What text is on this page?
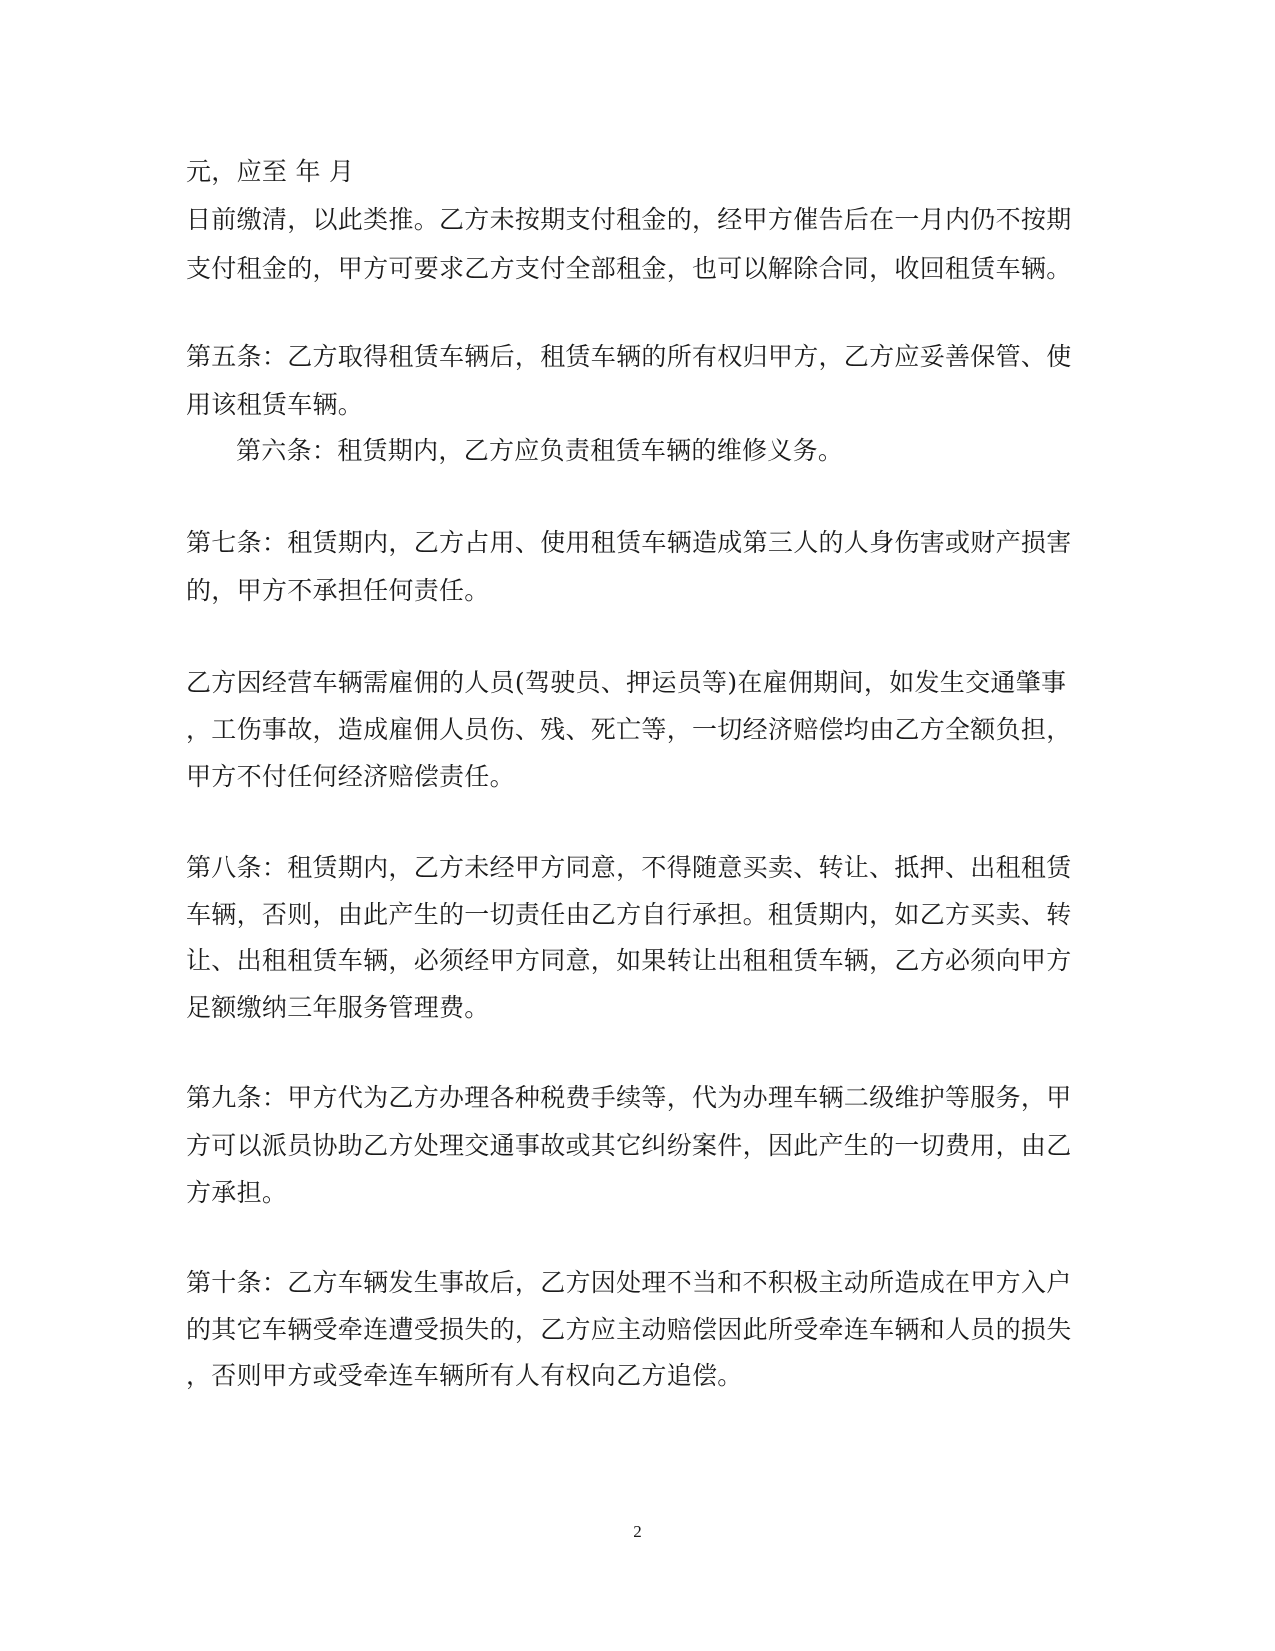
元，应至 年 月
日前缴清，以此类推。乙方未按期支付租金的，经甲方催告后在一月内仍不按期
支付租金的，甲方可要求乙方支付全部租金，也可以解除合同，收回租赁车辆。
第五条：乙方取得租赁车辆后，租赁车辆的所有权归甲方，乙方应妥善保管、使
用该租赁车辆。
第六条：租赁期内，乙方应负责租赁车辆的维修义务。
第七条：租赁期内，乙方占用、使用租赁车辆造成第三人的人身伤害或财产损害
的，甲方不承担任何责任。
乙方因经营车辆需雇佣的人员(驾驶员、押运员等)在雇佣期间，如发生交通肇事
，工伤事故，造成雇佣人员伤、残、死亡等，一切经济赔偿均由乙方全额负担，
甲方不付任何经济赔偿责任。
第八条：租赁期内，乙方未经甲方同意，不得随意买卖、转让、抵押、出租租赁
车辆，否则，由此产生的一切责任由乙方自行承担。租赁期内，如乙方买卖、转
让、出租租赁车辆，必须经甲方同意，如果转让出租租赁车辆，乙方必须向甲方
足额缴纳三年服务管理费。
第九条：甲方代为乙方办理各种税费手续等，代为办理车辆二级维护等服务，甲
方可以派员协助乙方处理交通事故或其它纠纷案件，因此产生的一切费用，由乙
方承担。
第十条：乙方车辆发生事故后，乙方因处理不当和不积极主动所造成在甲方入户
的其它车辆受牵连遭受损失的，乙方应主动赔偿因此所受牵连车辆和人员的损失
，否则甲方或受牵连车辆所有人有权向乙方追偿。
2
